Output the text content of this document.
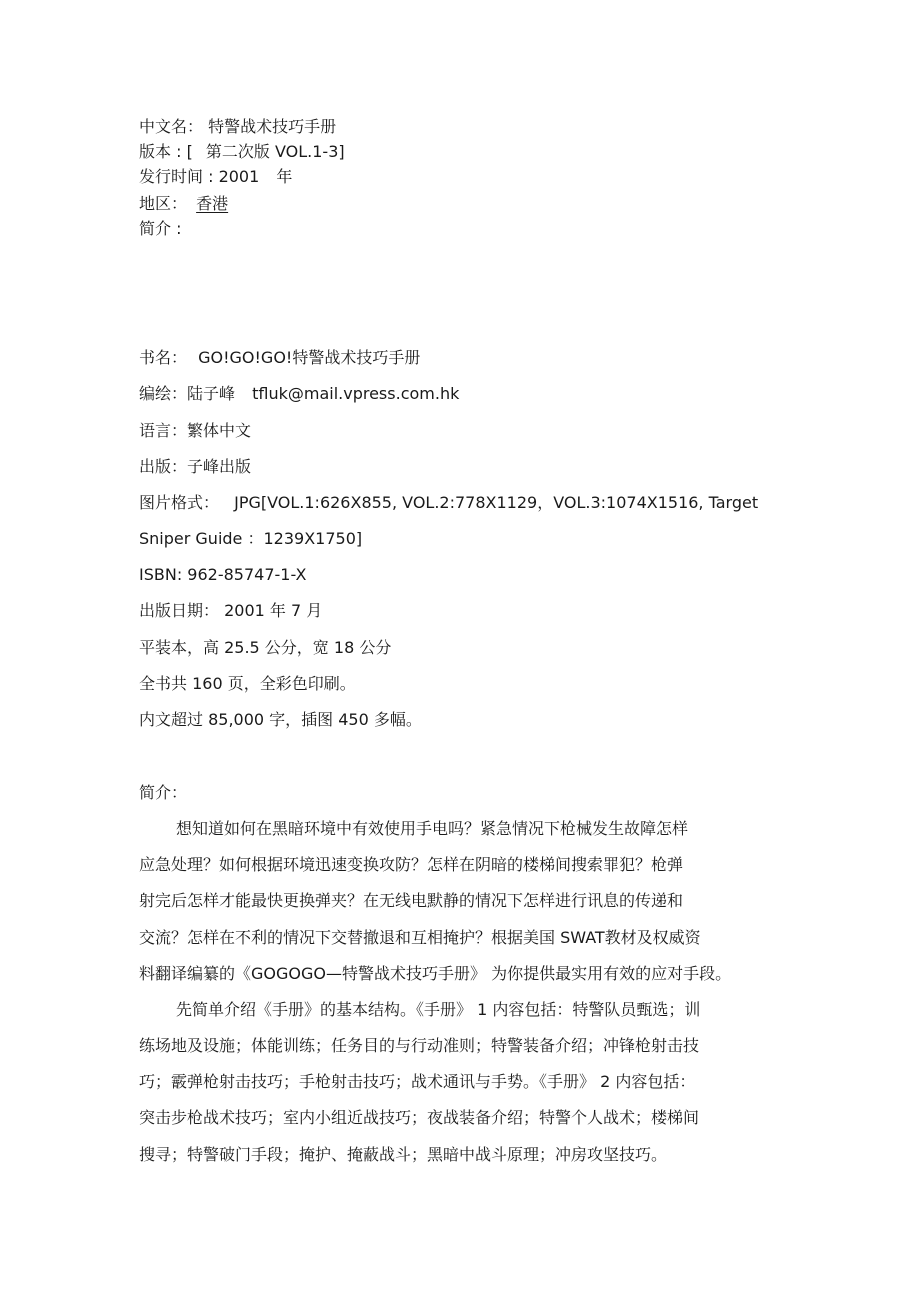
中文名： 特警战术技巧手册
版本 : [ 第二次版 VOL.1-3]
发行时间 : 2001 年
地区： 香港
简介 :
书名： GO!GO!GO!特警战术技巧手册
编绘：陆子峰 tfluk@mail.vpress.com.hk
语言：繁体中文
出版：子峰出版
图片格式： JPG[VOL.1:626X855, VOL.2:778X1129，VOL.3:1074X1516, Target
Sniper Guide ：1239X1750]
ISBN: 962-85747-1-X
出版日期： 2001 年 7 月
平装本，高 25.5 公分，宽 18 公分
全书共 160 页，全彩色印刷。
内文超过 85,000 字，插图 450 多幅。
简介：
想知道如何在黑暗环境中有效使用手电吗？紧急情况下枪械发生故障怎样
应急处理？如何根据环境迅速变换攻防？怎样在阴暗的楼梯间搜索罪犯？枪弹
射完后怎样才能最快更换弹夹？在无线电默静的情况下怎样进行讯息的传递和
交流？怎样在不利的情况下交替撤退和互相掩护？根据美国 SWAT教材及权威资
料翻译编纂的《GOGOGO—特警战术技巧手册》 为你提供最实用有效的应对手段。
先简单介绍《手册》的基本结构。《手册》 1 内容包括：特警队员甄选；训
练场地及设施；体能训练；任务目的与行动准则；特警装备介绍；冲锋枪射击技
巧；霰弹枪射击技巧；手枪射击技巧；战术通讯与手势。《手册》 2 内容包括：
突击步枪战术技巧；室内小组近战技巧；夜战装备介绍；特警个人战术；楼梯间
搜寻；特警破门手段；掩护、掩蔽战斗；黑暗中战斗原理；冲房攻坚技巧。
